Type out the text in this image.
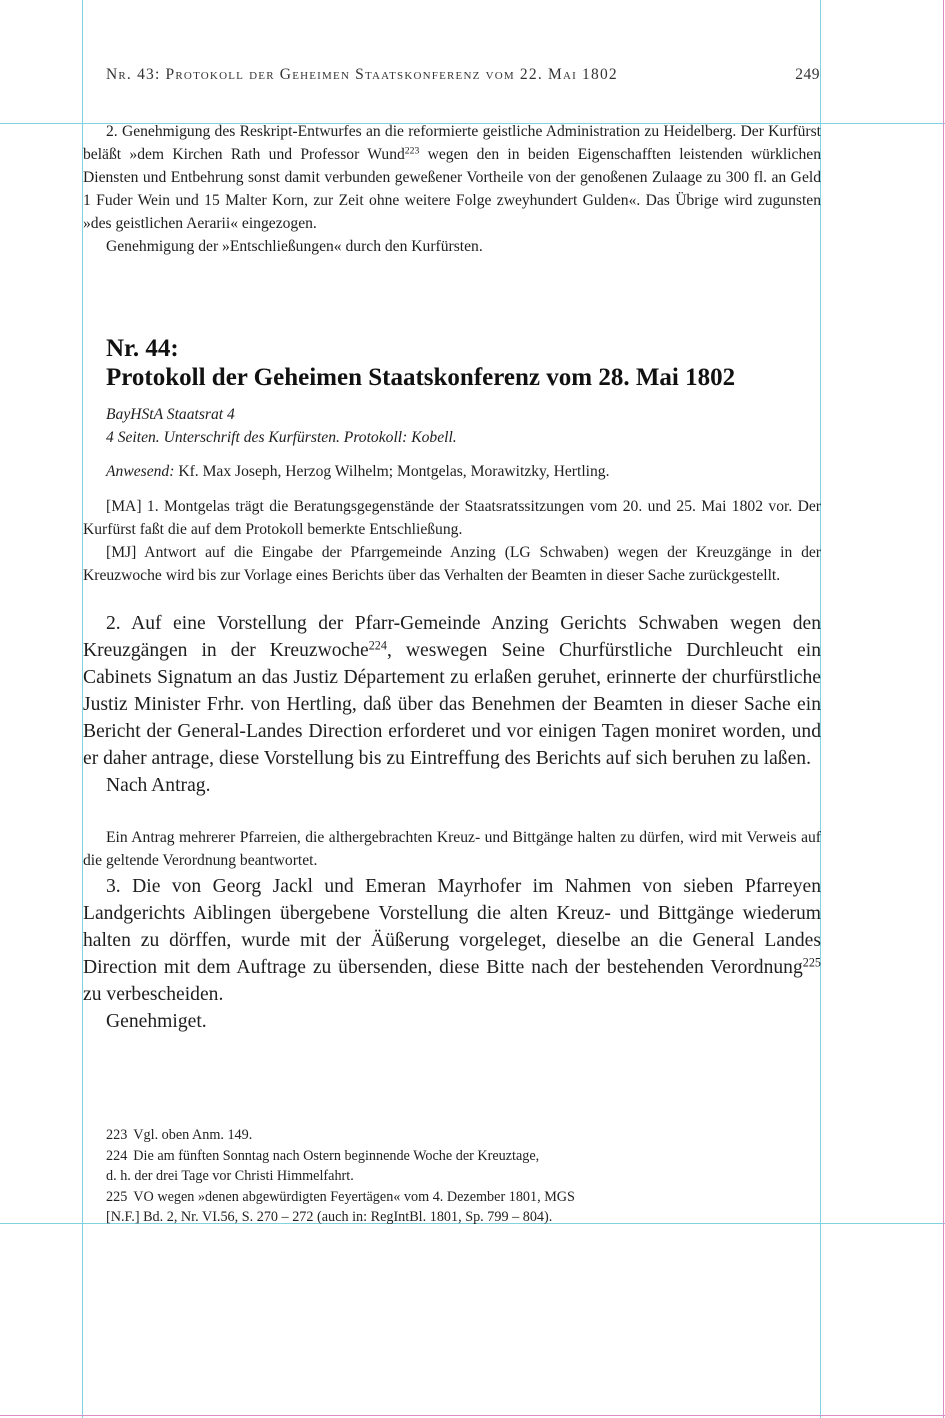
Nr. 43: Protokoll der Geheimen Staatskonferenz vom 22. Mai 1802	249

2. Genehmigung des Reskript-Entwurfes an die reformierte geistliche Administration zu Heidelberg. Der Kurfürst beläßt »dem Kirchen Rath und Professor Wund$^{223}$ wegen den in beiden Eigenschafften leistenden würklichen Diensten und Entbehrung sonst damit verbunden geweßener Vortheile von der genoßenen Zulaage zu 300 fl. an Geld 1 Fuder Wein und 15 Malter Korn, zur Zeit ohne weitere Folge zweyhundert Gulden«. Das Übrige wird zugunsten »des geistlichen Aerarii« eingezogen.

Genehmigung der »Entschließungen« durch den Kurfürsten.

Nr. 44:
Protokoll der Geheimen Staatskonferenz vom 28. Mai 1802
BayHStA Staatsrat 4
4 Seiten. Unterschrift des Kurfürsten. Protokoll: Kobell.
Anwesend: Kf. Max Joseph, Herzog Wilhelm; Montgelas, Morawitzky, Hertling.

[MA] 1. Montgelas trägt die Beratungsgegenstände der Staatsratssitzungen vom 20. und 25. Mai 1802 vor. Der Kurfürst faßt die auf dem Protokoll bemerkte Entschließung.

[MJ] Antwort auf die Eingabe der Pfarrgemeinde Anzing (LG Schwaben) wegen der Kreuzgänge in der Kreuzwoche wird bis zur Vorlage eines Berichts über das Verhalten der Beamten in dieser Sache zurückgestellt.

2. Auf eine Vorstellung der Pfarr-Gemeinde Anzing Gerichts Schwaben wegen den Kreuzgängen in der Kreuzwoche$^{224}$, weswegen Seine Churfürstliche Durchleucht ein Cabinets Signatum an das Justiz Département zu erlaßen geruhet, erinnerte der churfürstliche Justiz Minister Frhr. von Hertling, daß über das Benehmen der Beamten in dieser Sache ein Bericht der General-Landes Direction erforderet und vor einigen Tagen moniret worden, und er daher antrage, diese Vorstellung bis zu Eintreffung des Berichts auf sich beruhen zu laßen.

Nach Antrag.

Ein Antrag mehrerer Pfarreien, die althergebrachten Kreuz- und Bittgänge halten zu dürfen, wird mit Verweis auf die geltende Verordnung beantwortet.

3. Die von Georg Jackl und Emeran Mayrhofer im Nahmen von sieben Pfarreyen Landgerichts Aiblingen übergebene Vorstellung die alten Kreuz- und Bittgänge wiederum halten zu dörffen, wurde mit der Äüßerung vorgeleget, dieselbe an die General Landes Direction mit dem Auftrage zu übersenden, diese Bitte nach der bestehenden Verordnung$^{225}$ zu verbescheiden.

Genehmiget.

223 Vgl. oben Anm. 149.
224 Die am fünften Sonntag nach Ostern beginnende Woche der Kreuztage,
d. h. der drei Tage vor Christi Himmelfahrt.
225 VO wegen »denen abgewürdigten Feyertägen« vom 4. Dezember 1801, MGS
[N.F.] Bd. 2, Nr. VI.56, S. 270 – 272 (auch in: RegIntBl. 1801, Sp. 799 – 804).
